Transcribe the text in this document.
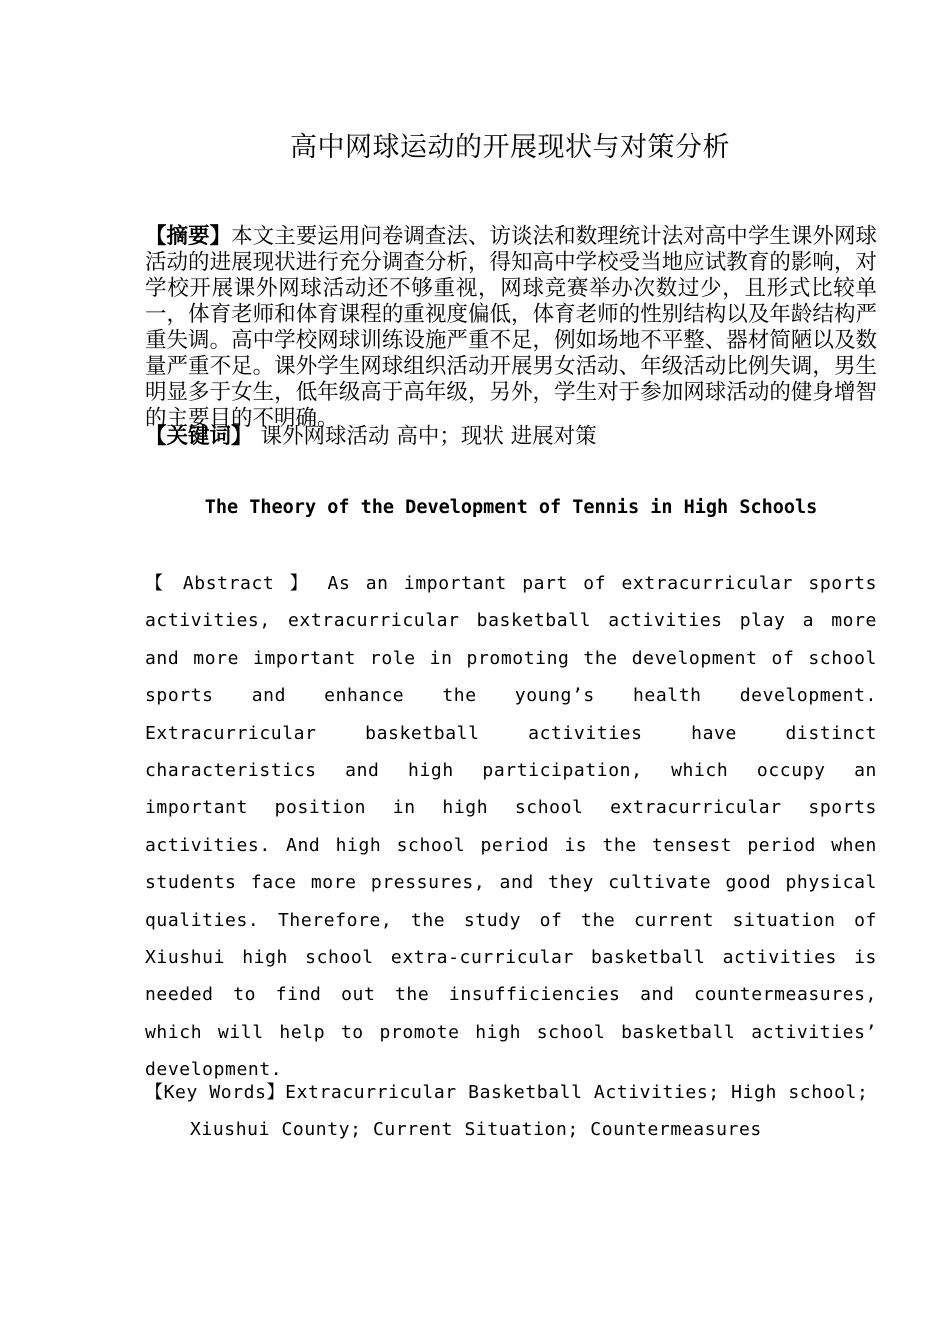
高中网球运动的开展现状与对策分析
【摘要】本文主要运用问卷调查法、访谈法和数理统计法对高中学生课外网球活动的进展现状进行充分调查分析，得知高中学校受当地应试教育的影响，对学校开展课外网球活动还不够重视，网球竞赛举办次数过少，且形式比较单一，体育老师和体育课程的重视度偏低，体育老师的性别结构以及年龄结构严重失调。高中学校网球训练设施严重不足，例如场地不平整、器材简陋以及数量严重不足。课外学生网球组织活动开展男女活动、年级活动比例失调，男生明显多于女生，低年级高于高年级，另外，学生对于参加网球活动的健身增智的主要目的不明确。
【关键词】 课外网球活动 高中；现状 进展对策
The Theory of the Development of Tennis in High Schools
【 Abstract 】 As an important part of extracurricular sports activities, extracurricular basketball activities play a more and more important role in promoting the development of school sports and enhance the young’s health development. Extracurricular basketball activities have distinct characteristics and high participation, which occupy an important position in high school extracurricular sports activities. And high school period is the tensest period when students face more pressures, and they cultivate good physical qualities. Therefore, the study of the current situation of Xiushui high school extra-curricular basketball activities is needed to find out the insufficiencies and countermeasures, which will help to promote high school basketball activities’ development.
【Key Words】Extracurricular Basketball Activities; High school; Xiushui County; Current Situation; Countermeasures
